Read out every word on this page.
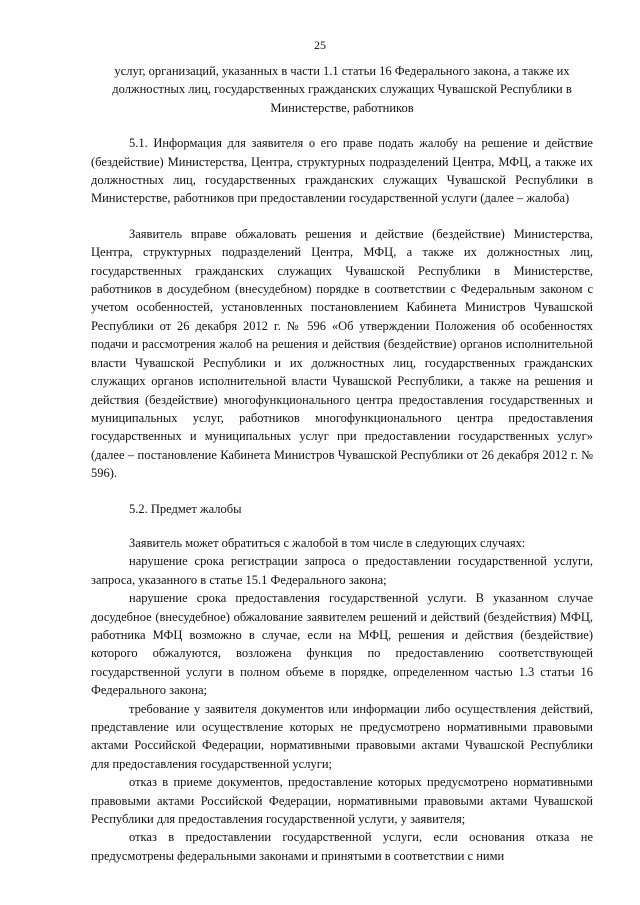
25
услуг, организаций, указанных в части 1.1 статьи 16 Федерального закона, а также их должностных лиц, государственных гражданских служащих Чувашской Республики в Министерстве, работников

5.1. Информация для заявителя о его праве подать жалобу на решение и действие (бездействие) Министерства, Центра, структурных подразделений Центра, МФЦ, а также их должностных лиц, государственных гражданских служащих Чувашской Республики в Министерстве, работников при предоставлении государственной услуги (далее – жалоба)

Заявитель вправе обжаловать решения и действие (бездействие) Министерства, Центра, структурных подразделений Центра, МФЦ, а также их должностных лиц, государственных гражданских служащих Чувашской Республики в Министерстве, работников в досудебном (внесудебном) порядке в соответствии с Федеральным законом с учетом особенностей, установленных постановлением Кабинета Министров Чувашской Республики от 26 декабря 2012 г. № 596 «Об утверждении Положения об особенностях подачи и рассмотрения жалоб на решения и действия (бездействие) органов исполнительной власти Чувашской Республики и их должностных лиц, государственных гражданских служащих органов исполнительной власти Чувашской Республики, а также на решения и действия (бездействие) многофункционального центра предоставления государственных и муниципальных услуг, работников многофункционального центра предоставления государственных и муниципальных услуг при предоставлении государственных услуг» (далее – постановление Кабинета Министров Чувашской Республики от 26 декабря 2012 г. № 596).

5.2. Предмет жалобы

Заявитель может обратиться с жалобой в том числе в следующих случаях:

нарушение срока регистрации запроса о предоставлении государственной услуги, запроса, указанного в статье 15.1 Федерального закона;

нарушение срока предоставления государственной услуги. В указанном случае досудебное (внесудебное) обжалование заявителем решений и действий (бездействия) МФЦ, работника МФЦ возможно в случае, если на МФЦ, решения и действия (бездействие) которого обжалуются, возложена функция по предоставлению соответствующей государственной услуги в полном объеме в порядке, определенном частью 1.3 статьи 16 Федерального закона;

требование у заявителя документов или информации либо осуществления действий, представление или осуществление которых не предусмотрено нормативными правовыми актами Российской Федерации, нормативными правовыми актами Чувашской Республики для предоставления государственной услуги;

отказ в приеме документов, предоставление которых предусмотрено нормативными правовыми актами Российской Федерации, нормативными правовыми актами Чувашской Республики для предоставления государственной услуги, у заявителя;

отказ в предоставлении государственной услуги, если основания отказа не предусмотрены федеральными законами и принятыми в соответствии с ними
